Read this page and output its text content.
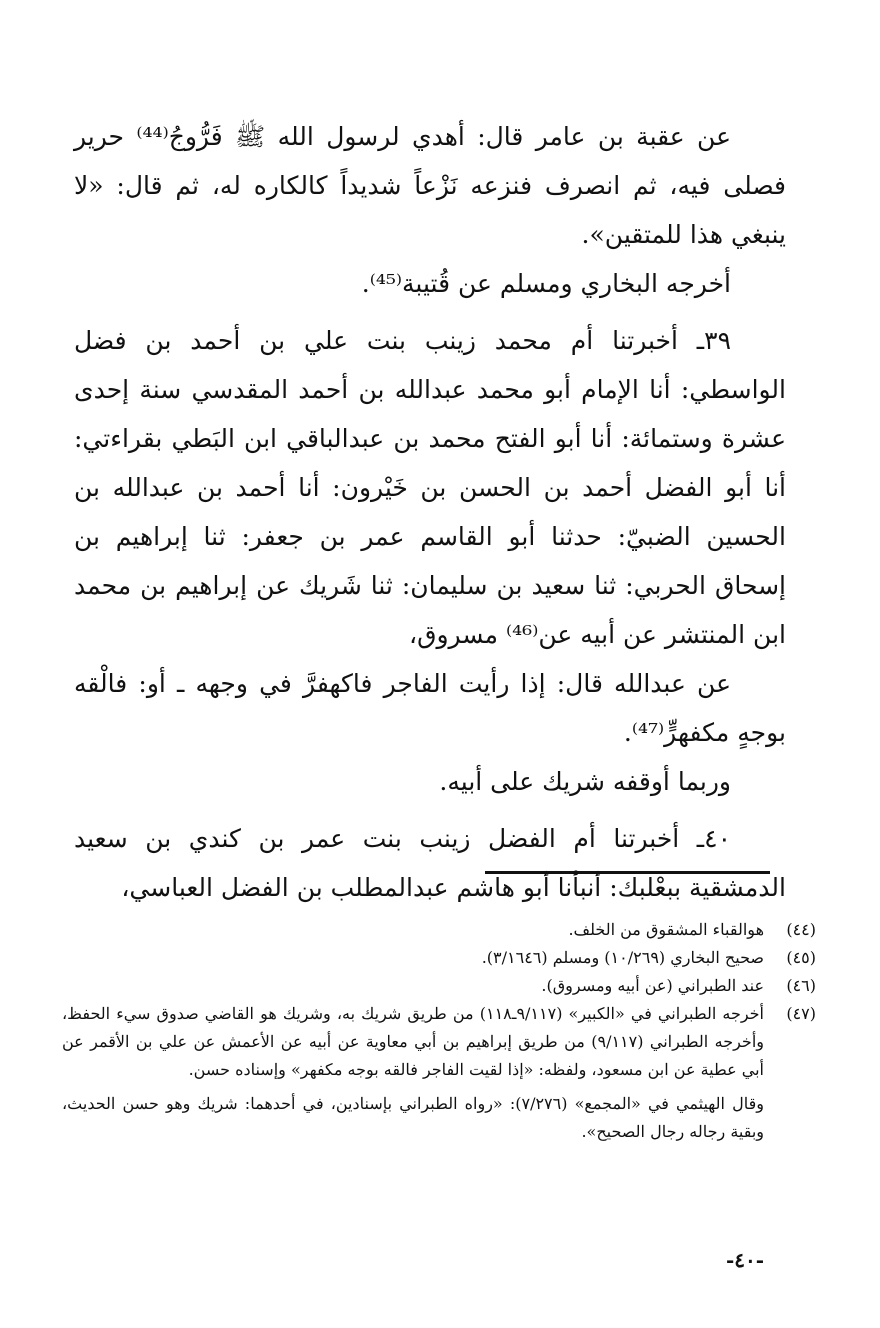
عن عقبة بن عامر قال: أهدي لرسول الله ﷺ فَرُّوجُ⁽⁴⁴⁾ حرير فصلى فيه، ثم انصرف فنزعه نَزْعاً شديداً كالكاره له، ثم قال: «لا ينبغي هذا للمتقين».

أخرجه البخاري ومسلم عن قُتيبة⁽⁴⁵⁾.

٣٩ـ أخبرتنا أم محمد زينب بنت علي بن أحمد بن فضل الواسطي: أنا الإمام أبو محمد عبدالله بن أحمد المقدسي سنة إحدى عشرة وستمائة: أنا أبو الفتح محمد بن عبدالباقي ابن البَطي بقراءتي: أنا أبو الفضل أحمد بن الحسن بن خَيْرون: أنا أحمد بن عبدالله بن الحسين الضبيّ: حدثنا أبو القاسم عمر بن جعفر: ثنا إبراهيم بن إسحاق الحربي: ثنا سعيد بن سليمان: ثنا شَريك عن إبراهيم بن محمد ابن المنتشر عن أبيه عن⁽⁴⁶⁾ مسروق،

عن عبدالله قال: إذا رأيت الفاجر فاكهفرَّ في وجهه ـ أو: فالْقه بوجهٍ مكفهرٍّ⁽⁴⁷⁾.

وربما أوقفه شريك على أبيه.

٤٠ـ أخبرتنا أم الفضل زينب بنت عمر بن كندي بن سعيد الدمشقية ببعْلبك: أنبأنا أبو هاشم عبدالمطلب بن الفضل العباسي،

(٤٤)
هوالقباء المشقوق من الخلف.
(٤٥)
صحيح البخاري (١٠/٢٦٩) ومسلم (٣/١٦٤٦).
(٤٦)
عند الطبراني (عن أبيه ومسروق).
(٤٧)
أخرجه الطبراني في «الكبير» (٩/١١٧ـ١١٨) من طريق شريك به، وشريك هو القاضي صدوق سيء الحفظ، وأخرجه الطبراني (٩/١١٧) من طريق إبراهيم بن أبي معاوية عن أبيه عن الأعمش عن علي بن الأقمر عن أبي عطية عن ابن مسعود، ولفظه: «إذا لقيت الفاجر فالقه بوجه مكفهر» وإسناده حسن.
وقال الهيثمي في «المجمع» (٧/٢٧٦): «رواه الطبراني بإسنادين، في أحدهما: شريك وهو حسن الحديث، وبقية رجاله رجال الصحيح».
-٤٠-
